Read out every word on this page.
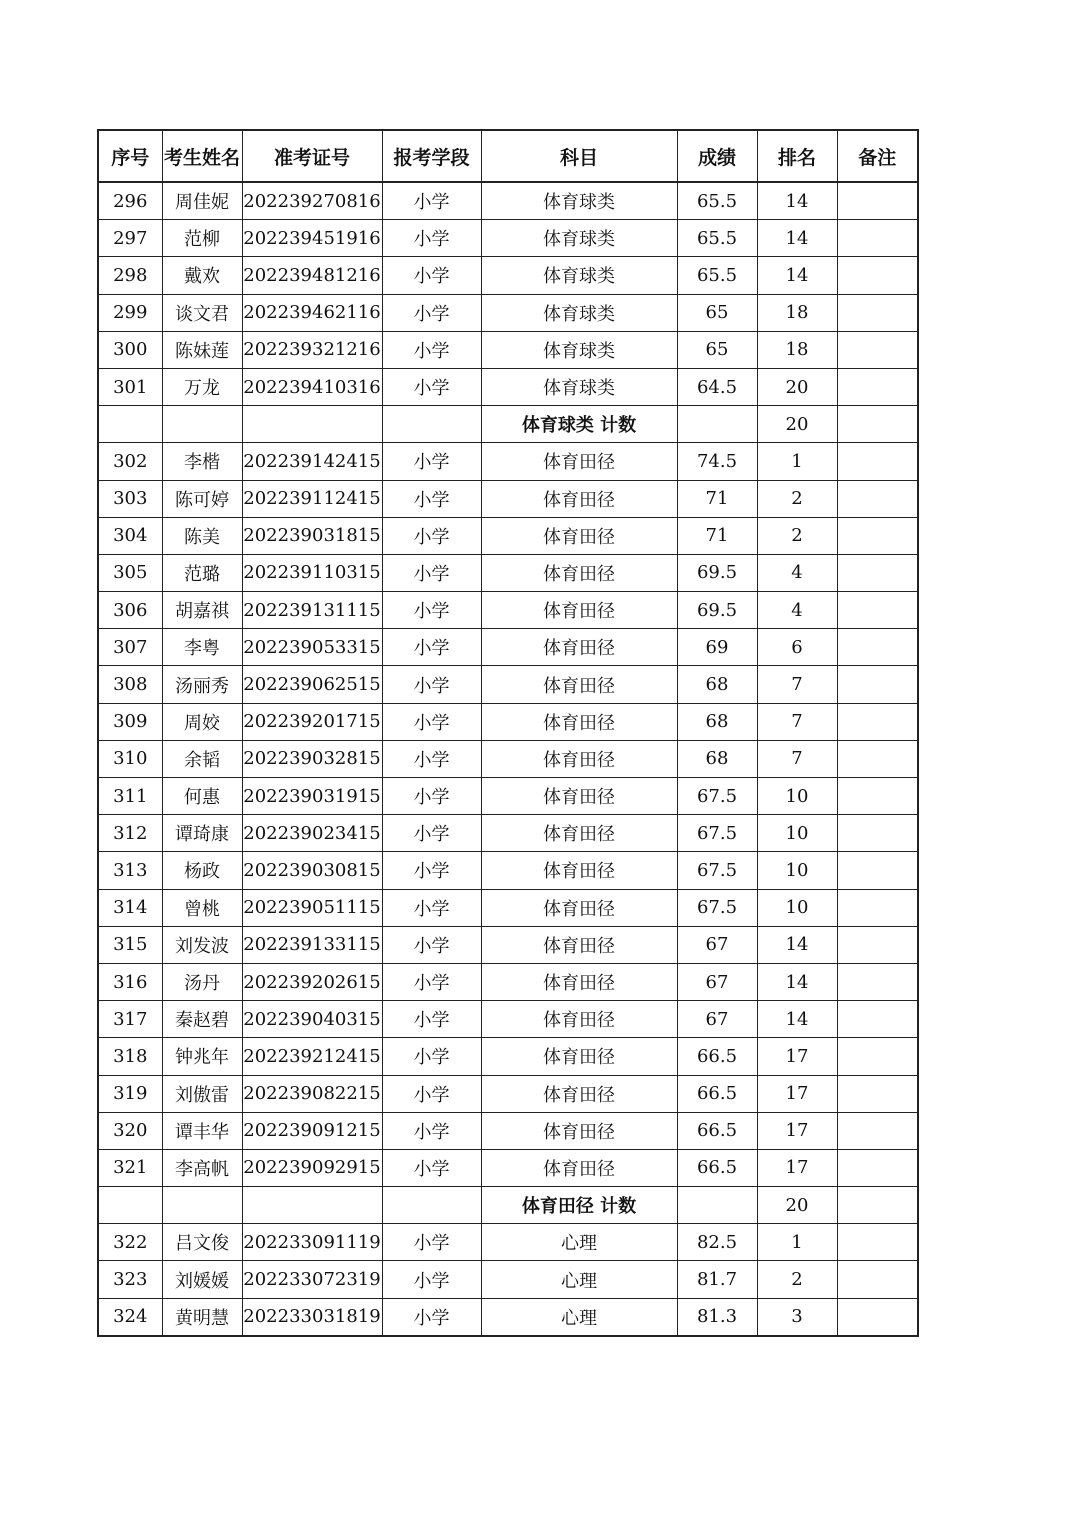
序号	考生姓名	准考证号	报考学段	科目	成绩	排名	备注
296	周佳妮	202239270816	小学	体育球类	65.5	14	
297	范柳	202239451916	小学	体育球类	65.5	14	
298	戴欢	202239481216	小学	体育球类	65.5	14	
299	谈文君	202239462116	小学	体育球类	65	18	
300	陈妹莲	202239321216	小学	体育球类	65	18	
301	万龙	202239410316	小学	体育球类	64.5	20	
				体育球类 计数		20	
302	李楷	202239142415	小学	体育田径	74.5	1	
303	陈可婷	202239112415	小学	体育田径	71	2	
304	陈美	202239031815	小学	体育田径	71	2	
305	范璐	202239110315	小学	体育田径	69.5	4	
306	胡嘉祺	202239131115	小学	体育田径	69.5	4	
307	李粤	202239053315	小学	体育田径	69	6	
308	汤丽秀	202239062515	小学	体育田径	68	7	
309	周姣	202239201715	小学	体育田径	68	7	
310	余韬	202239032815	小学	体育田径	68	7	
311	何惠	202239031915	小学	体育田径	67.5	10	
312	谭琦康	202239023415	小学	体育田径	67.5	10	
313	杨政	202239030815	小学	体育田径	67.5	10	
314	曾桃	202239051115	小学	体育田径	67.5	10	
315	刘发波	202239133115	小学	体育田径	67	14	
316	汤丹	202239202615	小学	体育田径	67	14	
317	秦赵碧	202239040315	小学	体育田径	67	14	
318	钟兆年	202239212415	小学	体育田径	66.5	17	
319	刘傲雷	202239082215	小学	体育田径	66.5	17	
320	谭丰华	202239091215	小学	体育田径	66.5	17	
321	李高帆	202239092915	小学	体育田径	66.5	17	
				体育田径 计数		20	
322	吕文俊	202233091119	小学	心理	82.5	1	
323	刘媛媛	202233072319	小学	心理	81.7	2	
324	黄明慧	202233031819	小学	心理	81.3	3	
